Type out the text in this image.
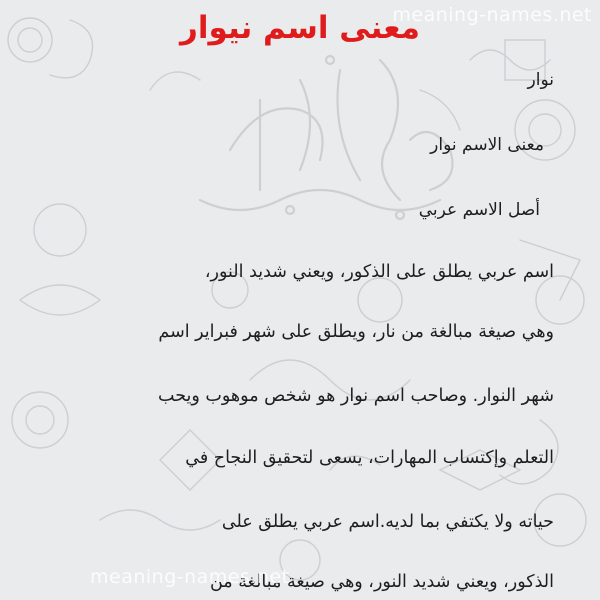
meaning-names.net
معنى اسم نيوار
نوار
معنى الاسم نوار
أصل الاسم عربي
اسم عربي يطلق على الذكور، ويعني شديد النور،
وهي صيغة مبالغة من نار، ويطلق على شهر فبراير اسم
شهر النوار. وصاحب اسم نوار هو شخص موهوب ويحب
التعلم وإكتساب المهارات، يسعى لتحقيق النجاح في
حياته ولا يكتفي بما لديه.اسم عربي يطلق على
الذكور، ويعني شديد النور، وهي صيغة مبالغة من
meaning-names.net
